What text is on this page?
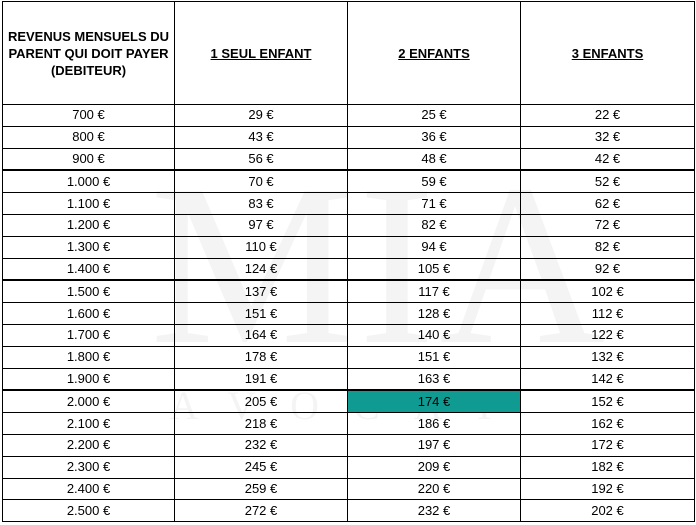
REVENUS MENSUELS DU PARENT QUI DOIT PAYER (DEBITEUR)	1 SEUL ENFANT	2 ENFANTS	3 ENFANTS
700 €	29 €	25 €	22 €
800 €	43 €	36 €	32 €
900 €	56 €	48 €	42 €
1.000 €	70 €	59 €	52 €
1.100 €	83 €	71 €	62 €
1.200 €	97 €	82 €	72 €
1.300 €	110 €	94 €	82 €
1.400 €	124 €	105 €	92 €
1.500 €	137 €	117 €	102 €
1.600 €	151 €	128 €	112 €
1.700 €	164 €	140 €	122 €
1.800 €	178 €	151 €	132 €
1.900 €	191 €	163 €	142 €
2.000 €	205 €	174 €	152 €
2.100 €	218 €	186 €	162 €
2.200 €	232 €	197 €	172 €
2.300 €	245 €	209 €	182 €
2.400 €	259 €	220 €	192 €
2.500 €	272 €	232 €	202 €
